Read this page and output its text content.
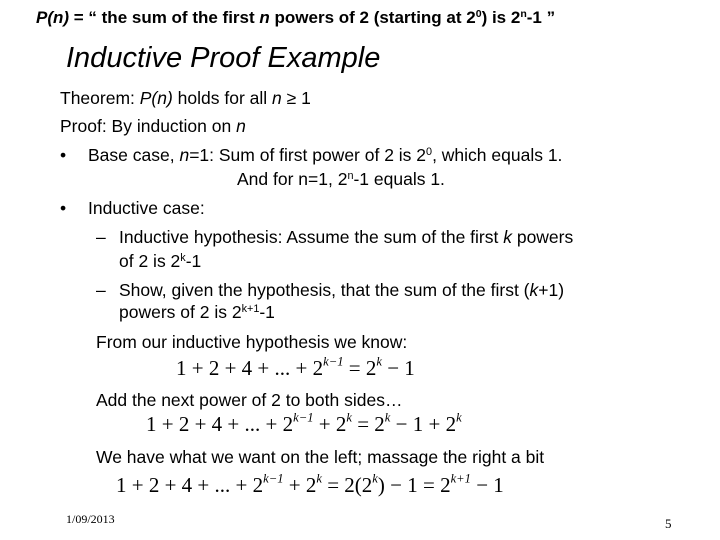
P(n) = “ the sum of the first n powers of 2 (starting at $2^0$) is 2$^n$-1 ”
Inductive Proof Example
Theorem: P(n) holds for all n ≥ 1
Proof: By induction on n
• Base case, n=1: Sum of first power of 2 is $2^0$, which equals 1.
And for n=1, 2$^n$-1 equals 1.
• Inductive case:
– Inductive hypothesis: Assume the sum of the first k powers
of 2 is 2$^k$-1
– Show, given the hypothesis, that the sum of the first (k+1)
powers of 2 is $2^{k+1}-1$
From our inductive hypothesis we know:
1 + 2 + 4 + ... + $2^{k-1} = 2^k - 1$
Add the next power of 2 to both sides…
1 + 2 + 4 + ... + $2^{k-1} + 2^k = 2^k - 1 + 2^k$
We have what we want on the left; massage the right a bit
1 + 2 + 4 + ... + $2^{k-1} + 2^k = 2(2^k) - 1 = 2^{k+1} - 1$
1/09/2013	5
